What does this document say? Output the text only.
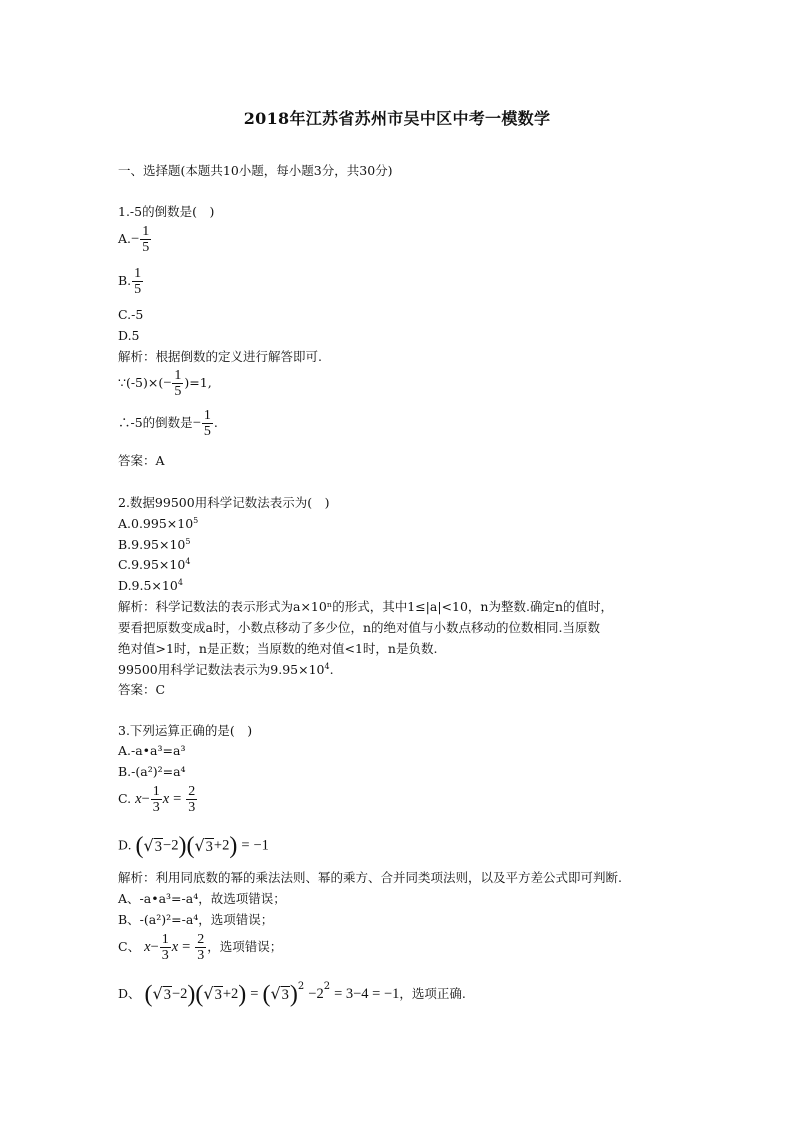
2018年江苏省苏州市吴中区中考一模数学
一、选择题(本题共10小题，每小题3分，共30分)
1.-5的倒数是(　)
$A.- \frac{1}{5}$
B. $\frac{1}{5}$
C.-5
D.5
解析：根据倒数的定义进行解答即可.
∵(-5)×(− $\frac{1}{5} )=1$,
∴-5的倒数是− $\frac{1}{5}$ .
答案：A
2.数据99500用科学记数法表示为(　)
$A.0.995\times 10^5$
$B.9.95\times 10^5$
$C.9.95\times 10^4$
$D.9.5\times 10^4$
解析：科学记数法的表示形式为a×10ⁿ的形式，其中1≤|a|<10，n为整数.确定n的值时，
要看把原数变成a时，小数点移动了多少位，n的绝对值与小数点移动的位数相同.当原数
绝对值>1时，n是正数；当原数的绝对值<1时，n是负数.
99500用科学记数法表示为$9.95\times 10^4$.
答案：C
3.下列运算正确的是(　)
A.-a•a³=a³
B.-(a²)²=a⁴
C. $x- \frac{1}{3}$ $x = \frac{2}{3}$
D. (√3−2)(√3+2) = −1
解析：利用同底数的幂的乘法法则、幂的乘方、合并同类项法则，以及平方差公式即可判断.
A、-a•a³=-a⁴，故选项错误；
B、-(a²)²=-a⁴，选项错误；
C、 $x- \frac{1}{3}$ $x = \frac{2}{3}$ ，选项错误；
D、 $(√3-2)(√3+2) = (√3)^2 -2^2 = 3-4 = -1$，选项正确.
